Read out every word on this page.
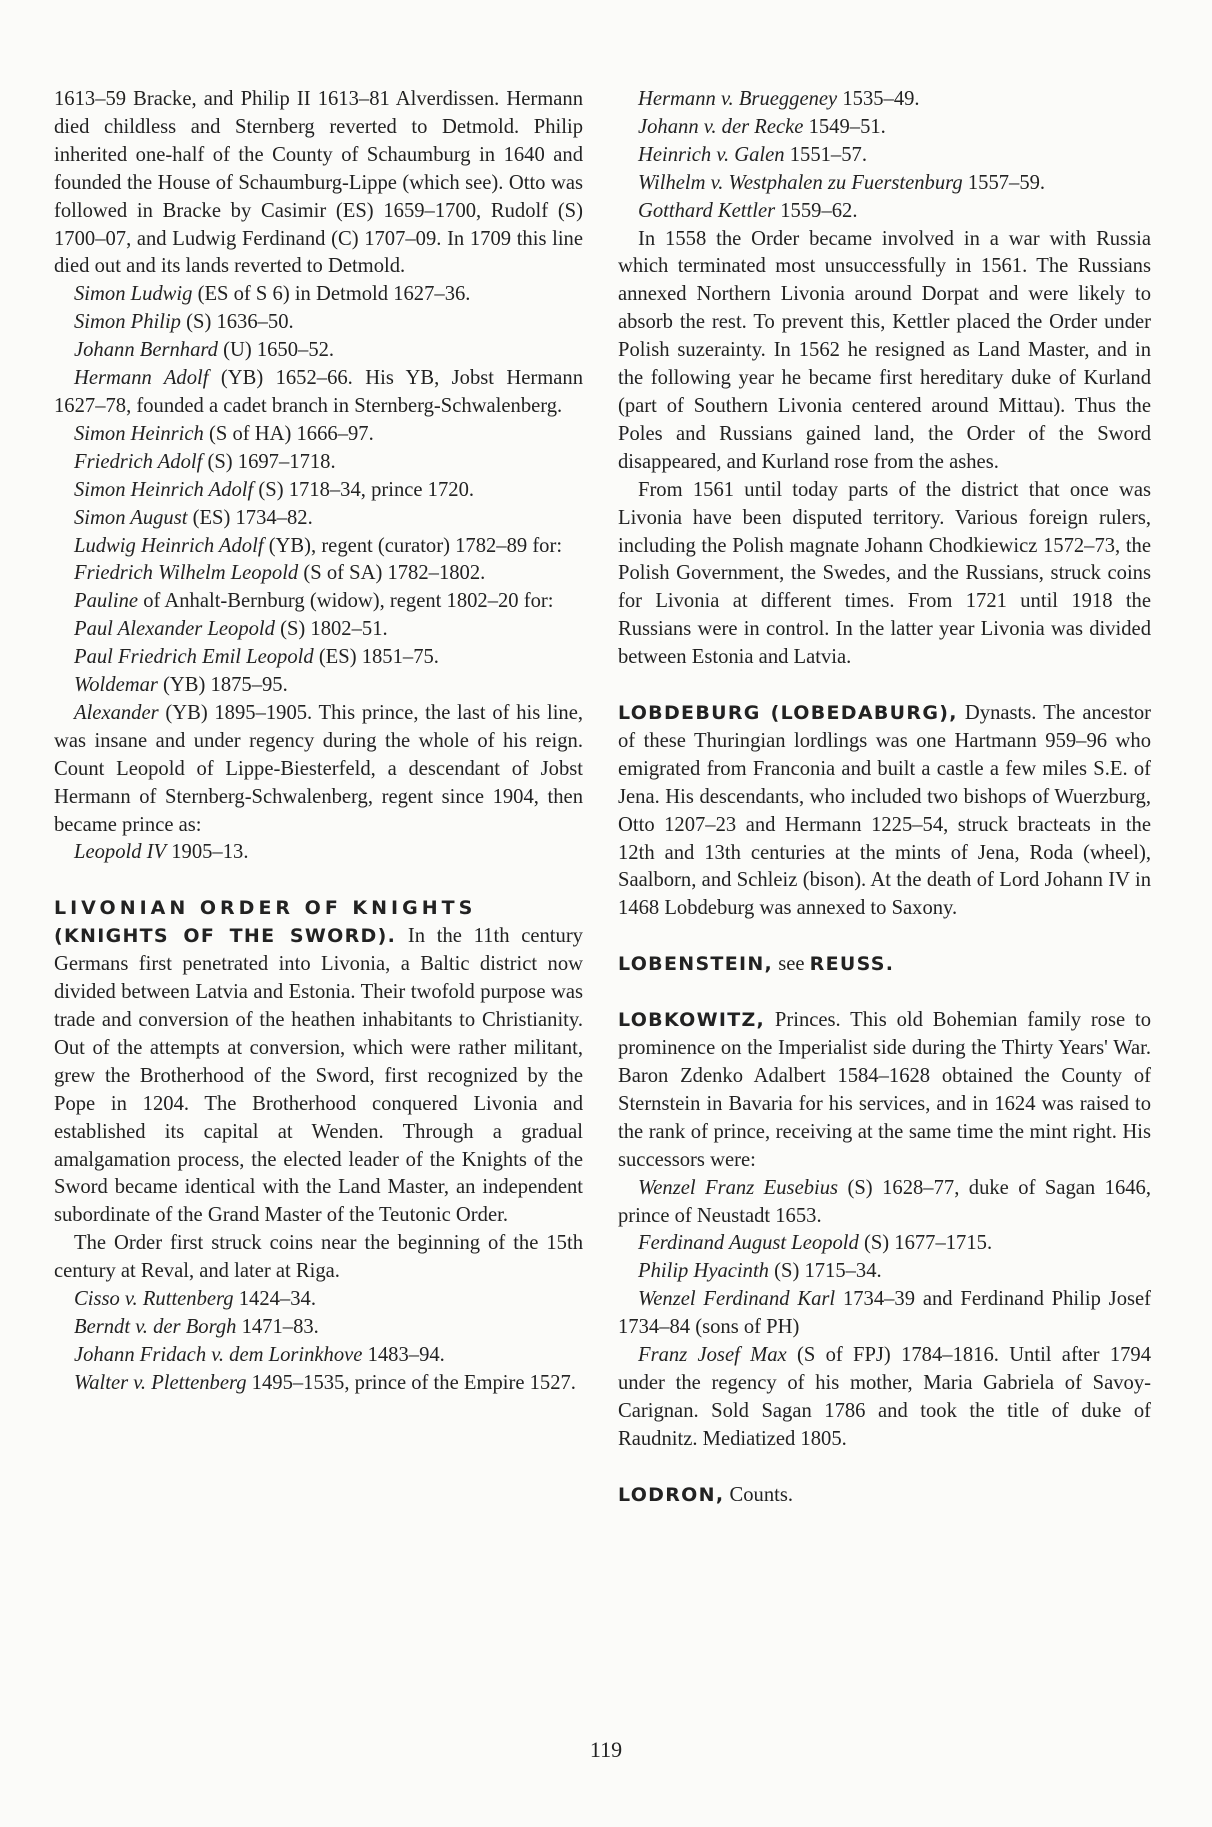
1613–59 Bracke, and Philip II 1613–81 Alverdissen. Hermann died childless and Sternberg reverted to Detmold. Philip inherited one-half of the County of Schaumburg in 1640 and founded the House of Schaumburg-Lippe (which see). Otto was followed in Bracke by Casimir (ES) 1659–1700, Rudolf (S) 1700–07, and Ludwig Ferdinand (C) 1707–09. In 1709 this line died out and its lands reverted to Detmold.

Simon Ludwig (ES of S 6) in Detmold 1627–36.

Simon Philip (S) 1636–50.

Johann Bernhard (U) 1650–52.

Hermann Adolf (YB) 1652–66. His YB, Jobst Hermann 1627–78, founded a cadet branch in Sternberg-Schwalenberg.

Simon Heinrich (S of HA) 1666–97.

Friedrich Adolf (S) 1697–1718.

Simon Heinrich Adolf (S) 1718–34, prince 1720.

Simon August (ES) 1734–82.

Ludwig Heinrich Adolf (YB), regent (curator) 1782–89 for:

Friedrich Wilhelm Leopold (S of SA) 1782–1802.

Pauline of Anhalt-Bernburg (widow), regent 1802–20 for:

Paul Alexander Leopold (S) 1802–51.

Paul Friedrich Emil Leopold (ES) 1851–75.

Woldemar (YB) 1875–95.

Alexander (YB) 1895–1905. This prince, the last of his line, was insane and under regency during the whole of his reign. Count Leopold of Lippe-Biesterfeld, a descendant of Jobst Hermann of Sternberg-Schwalenberg, regent since 1904, then became prince as:

Leopold IV 1905–13.

LIVONIAN ORDER OF KNIGHTS

(KNIGHTS OF THE SWORD). In the 11th century Germans first penetrated into Livonia, a Baltic district now divided between Latvia and Estonia. Their twofold purpose was trade and conversion of the heathen inhabitants to Christianity. Out of the attempts at conversion, which were rather militant, grew the Brotherhood of the Sword, first recognized by the Pope in 1204. The Brotherhood conquered Livonia and established its capital at Wenden. Through a gradual amalgamation process, the elected leader of the Knights of the Sword became identical with the Land Master, an independent subordinate of the Grand Master of the Teutonic Order.

The Order first struck coins near the beginning of the 15th century at Reval, and later at Riga.

Cisso v. Ruttenberg 1424–34.

Berndt v. der Borgh 1471–83.

Johann Fridach v. dem Lorinkhove 1483–94.

Walter v. Plettenberg 1495–1535, prince of the Empire 1527.

Hermann v. Brueggeney 1535–49.

Johann v. der Recke 1549–51.

Heinrich v. Galen 1551–57.

Wilhelm v. Westphalen zu Fuerstenburg 1557–59.

Gotthard Kettler 1559–62.

In 1558 the Order became involved in a war with Russia which terminated most unsuccessfully in 1561. The Russians annexed Northern Livonia around Dorpat and were likely to absorb the rest. To prevent this, Kettler placed the Order under Polish suzerainty. In 1562 he resigned as Land Master, and in the following year he became first hereditary duke of Kurland (part of Southern Livonia centered around Mittau). Thus the Poles and Russians gained land, the Order of the Sword disappeared, and Kurland rose from the ashes.

From 1561 until today parts of the district that once was Livonia have been disputed territory. Various foreign rulers, including the Polish magnate Johann Chodkiewicz 1572–73, the Polish Government, the Swedes, and the Russians, struck coins for Livonia at different times. From 1721 until 1918 the Russians were in control. In the latter year Livonia was divided between Estonia and Latvia.

LOBDEBURG (LOBEDABURG), Dynasts. The ancestor of these Thuringian lordlings was one Hartmann 959–96 who emigrated from Franconia and built a castle a few miles S.E. of Jena. His descendants, who included two bishops of Wuerzburg, Otto 1207–23 and Hermann 1225–54, struck bracteats in the 12th and 13th centuries at the mints of Jena, Roda (wheel), Saalborn, and Schleiz (bison). At the death of Lord Johann IV in 1468 Lobdeburg was annexed to Saxony.

LOBENSTEIN, see REUSS.

LOBKOWITZ, Princes. This old Bohemian family rose to prominence on the Imperialist side during the Thirty Years' War. Baron Zdenko Adalbert 1584–1628 obtained the County of Sternstein in Bavaria for his services, and in 1624 was raised to the rank of prince, receiving at the same time the mint right. His successors were:

Wenzel Franz Eusebius (S) 1628–77, duke of Sagan 1646, prince of Neustadt 1653.

Ferdinand August Leopold (S) 1677–1715.

Philip Hyacinth (S) 1715–34.

Wenzel Ferdinand Karl 1734–39 and Ferdinand Philip Josef 1734–84 (sons of PH)

Franz Josef Max (S of FPJ) 1784–1816. Until after 1794 under the regency of his mother, Maria Gabriela of Savoy-Carignan. Sold Sagan 1786 and took the title of duke of Raudnitz. Mediatized 1805.

LODRON, Counts.

119
